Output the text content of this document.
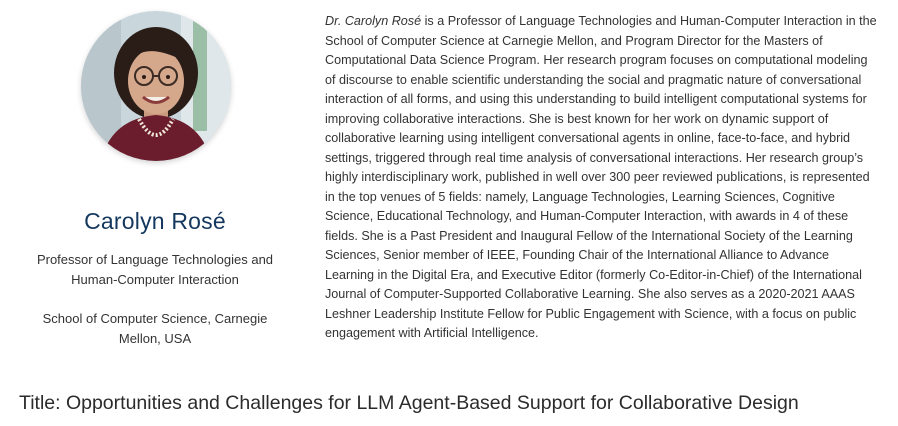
Carolyn Rosé
Professor of Language Technologies and Human-Computer Interaction
School of Computer Science, Carnegie Mellon, USA
Dr. Carolyn Rosé is a Professor of Language Technologies and Human-Computer Interaction in the School of Computer Science at Carnegie Mellon, and Program Director for the Masters of Computational Data Science Program. Her research program focuses on computational modeling of discourse to enable scientific understanding the social and pragmatic nature of conversational interaction of all forms, and using this understanding to build intelligent computational systems for improving collaborative interactions. She is best known for her work on dynamic support of collaborative learning using intelligent conversational agents in online, face-to-face, and hybrid settings, triggered through real time analysis of conversational interactions. Her research group’s highly interdisciplinary work, published in well over 300 peer reviewed publications, is represented in the top venues of 5 fields: namely, Language Technologies, Learning Sciences, Cognitive Science, Educational Technology, and Human-Computer Interaction, with awards in 4 of these fields. She is a Past President and Inaugural Fellow of the International Society of the Learning Sciences, Senior member of IEEE, Founding Chair of the International Alliance to Advance Learning in the Digital Era, and Executive Editor (formerly Co-Editor-in-Chief) of the International Journal of Computer-Supported Collaborative Learning. She also serves as a 2020-2021 AAAS Leshner Leadership Institute Fellow for Public Engagement with Science, with a focus on public engagement with Artificial Intelligence.
Title: Opportunities and Challenges for LLM Agent-Based Support for Collaborative Design
